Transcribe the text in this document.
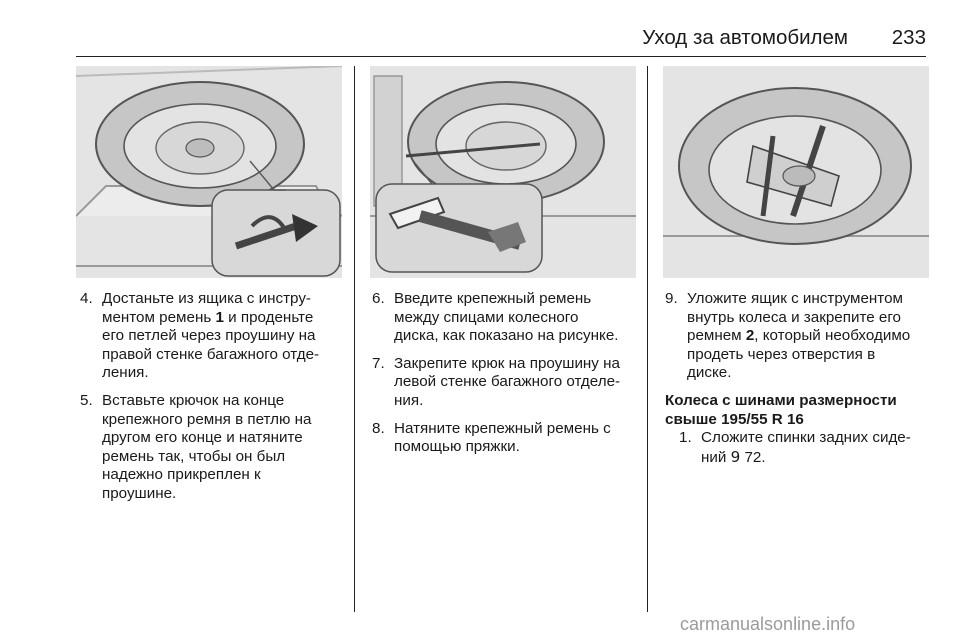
Уход за автомобилем	233
4. Достаньте из ящика с инстру-
ментом ремень 1 и проденьте
его петлей через проушину на
правой стенке багажного отде-
ления.

5. Вставьте крючок на конце
крепежного ремня в петлю на
другом его конце и натяните
ремень так, чтобы он был
надежно прикреплен к
проушине.

6. Введите крепежный ремень
между спицами колесного
диска, как показано на рисунке.

7. Закрепите крюк на проушину на
левой стенке багажного отделе-
ния.

8. Натяните крепежный ремень с
помощью пряжки.

9. Уложите ящик с инструментом
внутрь колеса и закрепите его
ремнем 2, который необходимо
продеть через отверстия в
диске.

Колеса с шинами размерности
свыше 195/55 R 16

1. Сложите спинки задних сиде-
ний 9 72.

carmanualsonline.info
